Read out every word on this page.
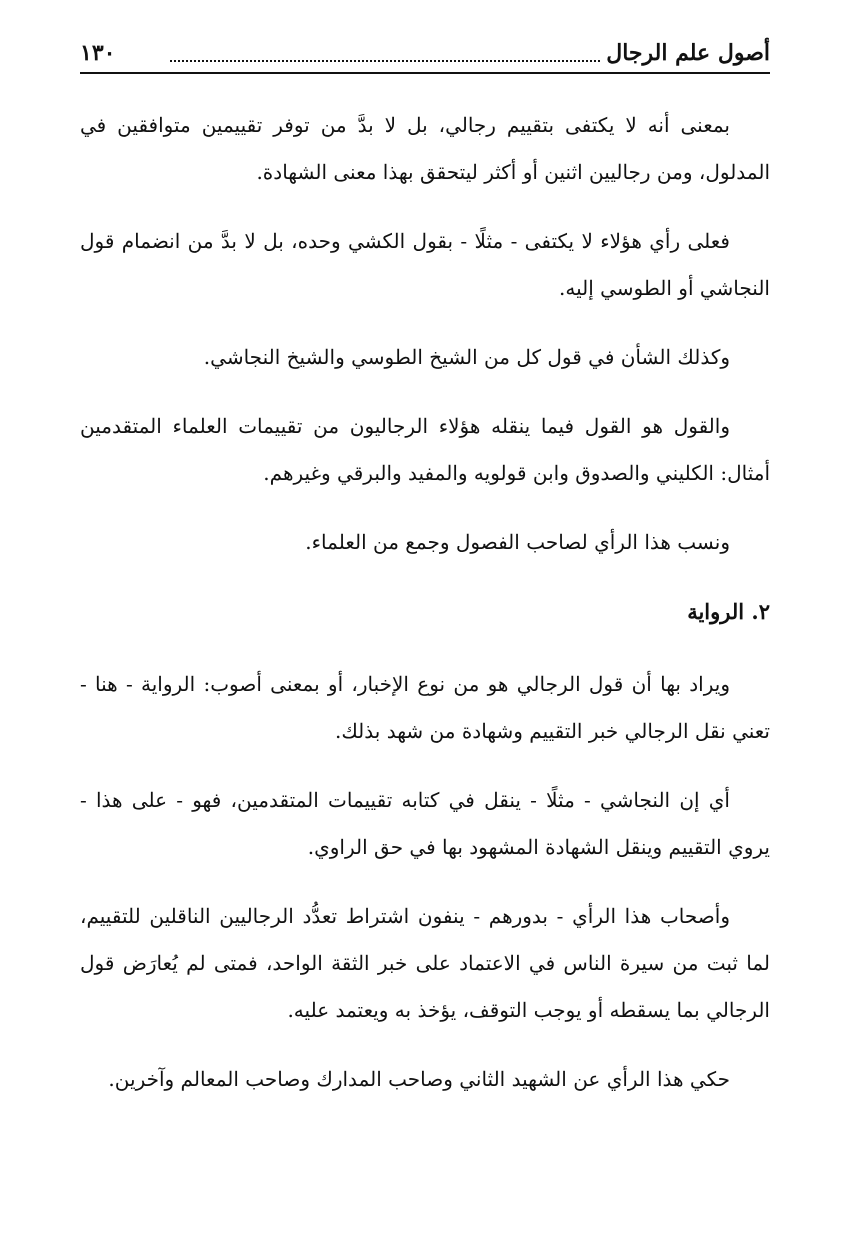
أصول علم الرجال
١٣٠

بمعنى أنه لا يكتفى بتقييم رجالي، بل لا بدَّ من توفر تقييمين متوافقين في المدلول، ومن رجاليين اثنين أو أكثر ليتحقق بهذا معنى الشهادة.

فعلى رأي هؤلاء لا يكتفى - مثلًا - بقول الكشي وحده، بل لا بدَّ من انضمام قول النجاشي أو الطوسي إليه.

وكذلك الشأن في قول كل من الشيخ الطوسي والشيخ النجاشي.

والقول هو القول فيما ينقله هؤلاء الرجاليون من تقييمات العلماء المتقدمين أمثال: الكليني والصدوق وابن قولويه والمفيد والبرقي وغيرهم.

ونسب هذا الرأي لصاحب الفصول وجمع من العلماء.

٢. الرواية

ويراد بها أن قول الرجالي هو من نوع الإخبار، أو بمعنى أصوب: الرواية - هنا - تعني نقل الرجالي خبر التقييم وشهادة من شهد بذلك.

أي إن النجاشي - مثلًا - ينقل في كتابه تقييمات المتقدمين، فهو - على هذا - يروي التقييم وينقل الشهادة المشهود بها في حق الراوي.

وأصحاب هذا الرأي - بدورهم - ينفون اشتراط تعدُّد الرجاليين الناقلين للتقييم، لما ثبت من سيرة الناس في الاعتماد على خبر الثقة الواحد، فمتى لم يُعارَض قول الرجالي بما يسقطه أو يوجب التوقف، يؤخذ به ويعتمد عليه.

حكي هذا الرأي عن الشهيد الثاني وصاحب المدارك وصاحب المعالم وآخرين.
